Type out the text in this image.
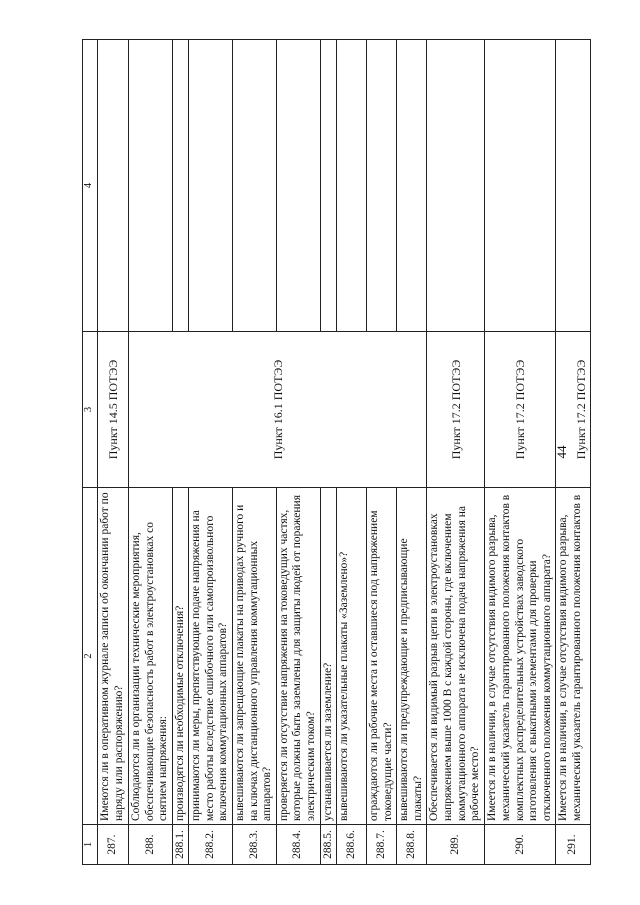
44
1	2	3	4
287.	Имеются ли в оперативном журнале записи об окончании работ по наряду или распоряжению?	Пункт 14.5 ПОТЭЭ	
288.	Соблюдаются ли в организации технические мероприятия, обеспечивающие безопасность работ в электроустановках со снятием напряжения:	Пункт 16.1 ПОТЭЭ	
288.1.	производятся ли необходимые отключения?		
288.2.	принимаются ли меры, препятствующие подаче напряжения на место работы вследствие ошибочного или самопроизвольного включения коммутационных аппаратов?		
288.3.	вывешиваются ли запрещающие плакаты на приводах ручного и на ключах дистанционного управления коммутационных аппаратов?		
288.4.	проверяется ли отсутствие напряжения на токоведущих частях, которые должны быть заземлены для защиты людей от поражения электрическим током?		
288.5.	устанавливается ли заземление?		
288.6.	вывешиваются ли указательные плакаты «Заземлено»?		
288.7.	ограждаются ли рабочие места и оставшиеся под напряжением токоведущие части?		
288.8.	вывешиваются ли предупреждающие и предписывающие плакаты?		
289.	Обеспечивается ли видимый разрыв цепи в электроустановках напряжением выше 1000 В с каждой стороны, где включением коммутационного аппарата не исключена подача напряжения на рабочее место?	Пункт 17.2 ПОТЭЭ	
290.	Имеется ли в наличии, в случае отсутствия видимого разрыва, механический указатель гарантированного положения контактов в комплектных распределительных устройствах заводского изготовления с выкатными элементами для проверки отключенного положения коммутационного аппарата?	Пункт 17.2 ПОТЭЭ	
291.	Имеется ли в наличии, в случае отсутствия видимого разрыва, механический указатель гарантированного положения контактов в	Пункт 17.2 ПОТЭЭ	
